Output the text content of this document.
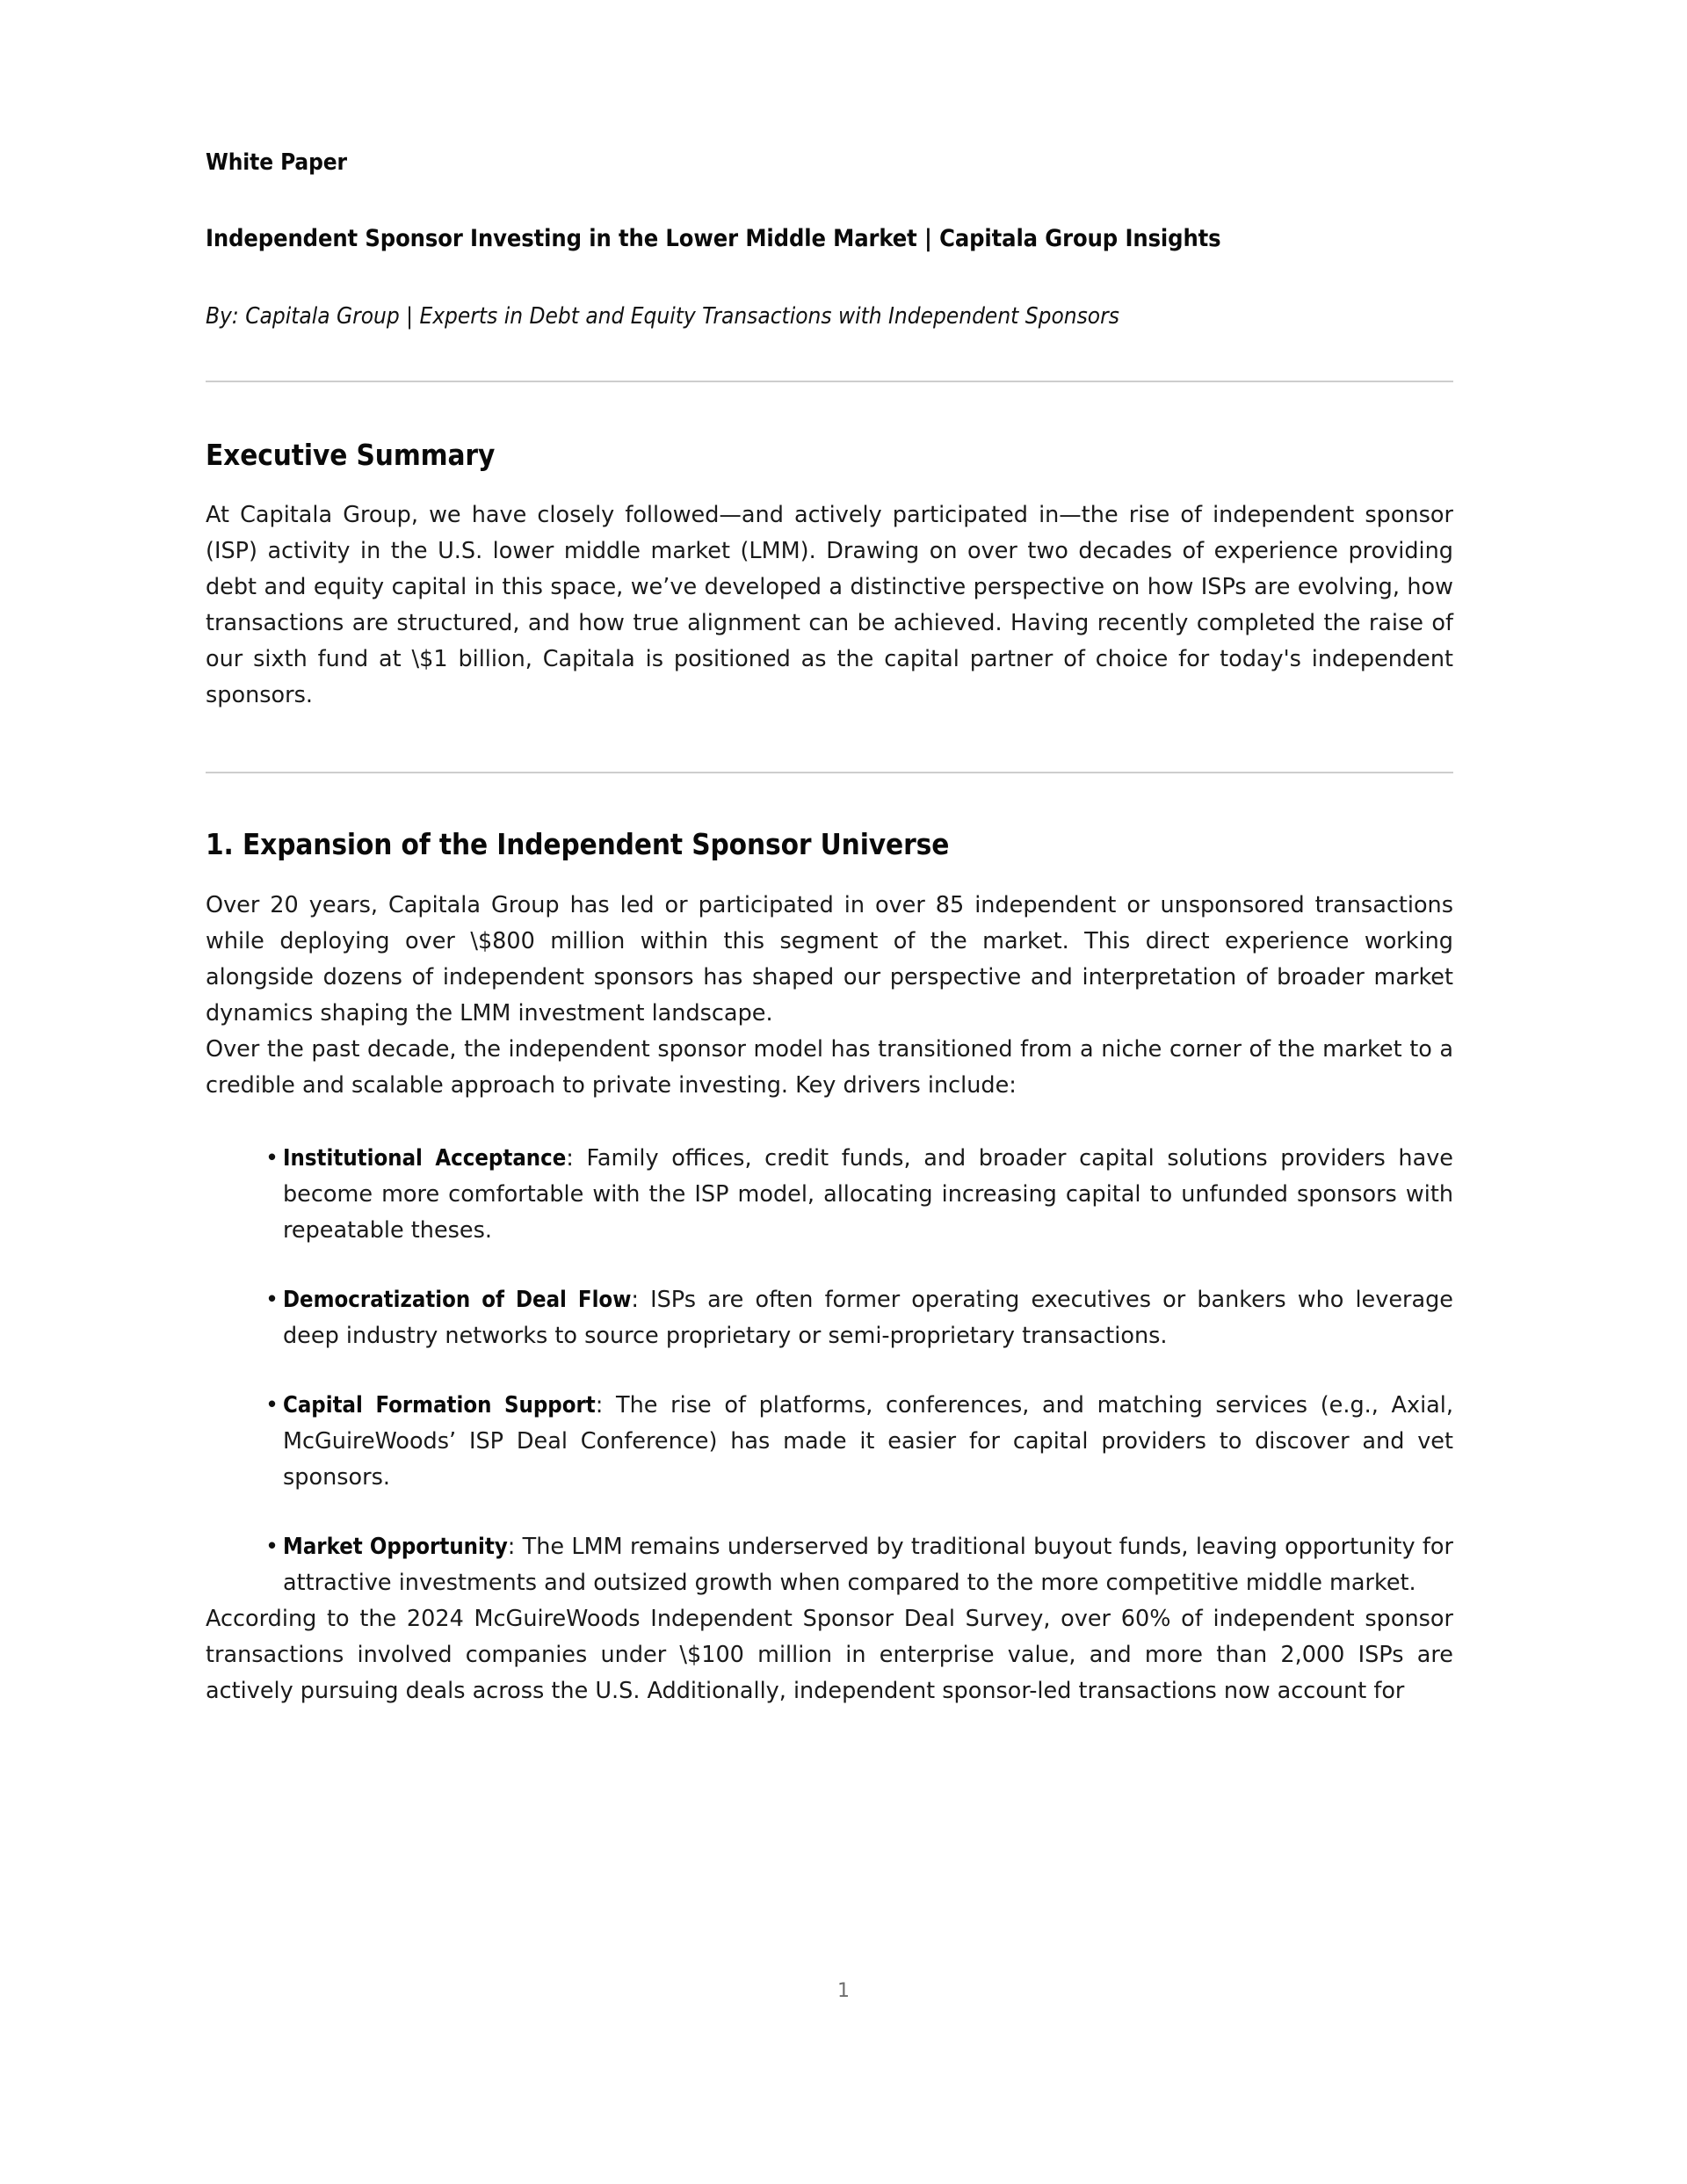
White Paper
Independent Sponsor Investing in the Lower Middle Market | Capitala Group Insights
By: Capitala Group | Experts in Debt and Equity Transactions with Independent Sponsors
Executive Summary

At Capitala Group, we have closely followed—and actively participated in—the rise of independent sponsor (ISP) activity in the U.S. lower middle market (LMM). Drawing on over two decades of experience providing debt and equity capital in this space, we’ve developed a distinctive perspective on how ISPs are evolving, how transactions are structured, and how true alignment can be achieved. Having recently completed the raise of our sixth fund at \$1 billion, Capitala is positioned as the capital partner of choice for today's independent sponsors.

1. Expansion of the Independent Sponsor Universe

Over 20 years, Capitala Group has led or participated in over 85 independent or unsponsored transactions while deploying over \$800 million within this segment of the market. This direct experience working alongside dozens of independent sponsors has shaped our perspective and interpretation of broader market dynamics shaping the LMM investment landscape.

Over the past decade, the independent sponsor model has transitioned from a niche corner of the market to a credible and scalable approach to private investing. Key drivers include:

• Institutional Acceptance: Family offices, credit funds, and broader capital solutions providers have become more comfortable with the ISP model, allocating increasing capital to unfunded sponsors with repeatable theses.
• Democratization of Deal Flow: ISPs are often former operating executives or bankers who leverage deep industry networks to source proprietary or semi-proprietary transactions.
• Capital Formation Support: The rise of platforms, conferences, and matching services (e.g., Axial, McGuireWoods’ ISP Deal Conference) has made it easier for capital providers to discover and vet sponsors.
• Market Opportunity: The LMM remains underserved by traditional buyout funds, leaving opportunity for attractive investments and outsized growth when compared to the more competitive middle market.

According to the 2024 McGuireWoods Independent Sponsor Deal Survey, over 60% of independent sponsor transactions involved companies under \$100 million in enterprise value, and more than 2,000 ISPs are actively pursuing deals across the U.S. Additionally, independent sponsor-led transactions now account for

1
